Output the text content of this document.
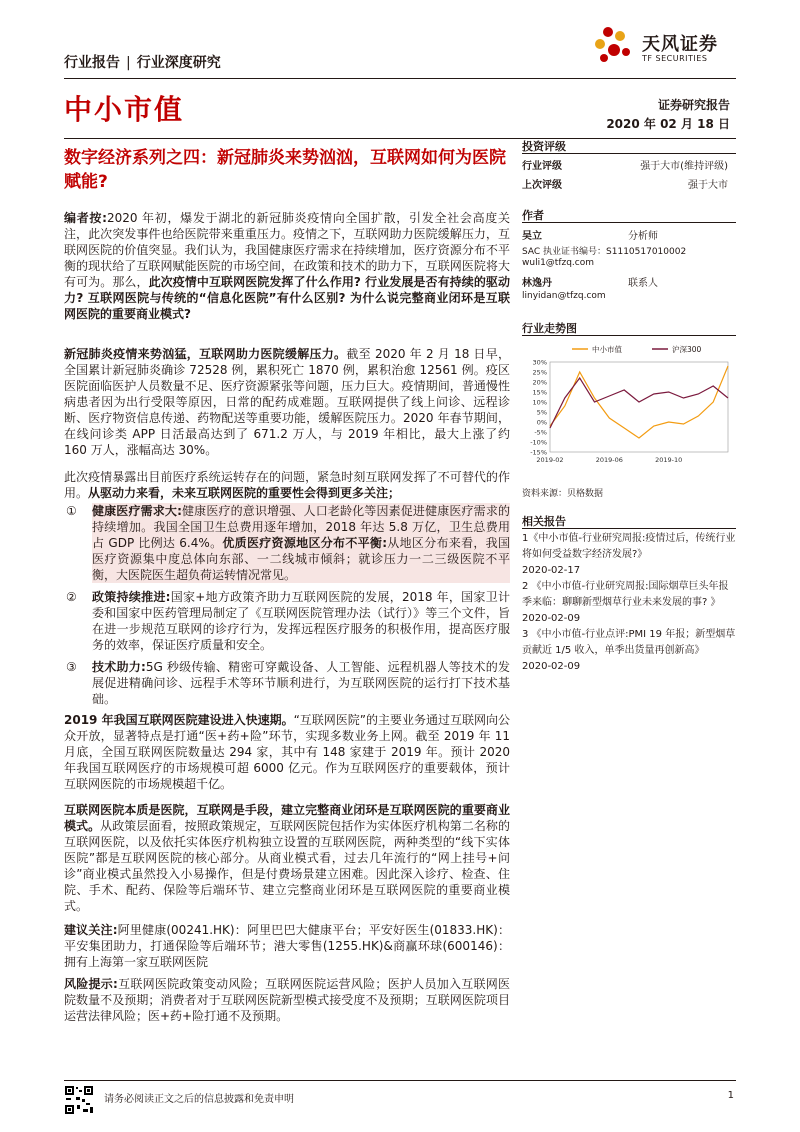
行业报告 | 行业深度研究
天风证券
TF SECURITIES
中小市值	证券研究报告
2020 年 02 月 18 日
数字经济系列之四：新冠肺炎来势汹汹，互联网如何为医院赋能?
编者按:2020 年初，爆发于湖北的新冠肺炎疫情向全国扩散，引发全社会高度关注，此次突发事件也给医院带来重重压力。疫情之下，互联网助力医院缓解压力，互联网医院的价值突显。我们认为，我国健康医疗需求在持续增加，医疗资源分布不平衡的现状给了互联网赋能医院的市场空间，在政策和技术的助力下，互联网医院将大有可为。那么，此次疫情中互联网医院发挥了什么作用? 行业发展是否有持续的驱动力? 互联网医院与传统的“信息化医院”有什么区别? 为什么说完整商业闭环是互联网医院的重要商业模式?
新冠肺炎疫情来势汹猛，互联网助力医院缓解压力。截至 2020 年 2 月 18 日早，全国累计新冠肺炎确诊 72528 例，累积死亡 1870 例，累积治愈 12561 例。疫区医院面临医护人员数量不足、医疗资源紧张等问题，压力巨大。疫情期间，普通慢性病患者因为出行受限等原因，日常的配药成难题。互联网提供了线上问诊、远程诊断、医疗物资信息传递、药物配送等重要功能，缓解医院压力。2020 年春节期间，在线问诊类 APP 日活最高达到了 671.2 万人，与 2019 年相比，最大上涨了约 160 万人，涨幅高达 30%。
此次疫情暴露出目前医疗系统运转存在的问题，紧急时刻互联网发挥了不可替代的作用。从驱动力来看，未来互联网医院的重要性会得到更多关注；
① 健康医疗需求大:健康医疗的意识增强、人口老龄化等因素促进健康医疗需求的持续增加。我国全国卫生总费用逐年增加，2018 年达 5.8 万亿，卫生总费用占 GDP 比例达 6.4%。优质医疗资源地区分布不平衡:从地区分布来看，我国医疗资源集中度总体向东部、一二线城市倾斜；就诊压力一二三级医院不平衡，大医院医生超负荷运转情况常见。
② 政策持续推进:国家+地方政策齐助力互联网医院的发展，2018 年，国家卫计委和国家中医药管理局制定了《互联网医院管理办法（试行）》等三个文件，旨在进一步规范互联网的诊疗行为，发挥远程医疗服务的积极作用，提高医疗服务的效率，保证医疗质量和安全。
③ 技术助力:5G 秒级传输、精密可穿戴设备、人工智能、远程机器人等技术的发展促进精确问诊、远程手术等环节顺利进行，为互联网医院的运行打下技术基础。
2019 年我国互联网医院建设进入快速期。“互联网医院”的主要业务通过互联网向公众开放，显著特点是打通“医+药+险”环节，实现多数业务上网。截至 2019 年 11 月底，全国互联网医院数量达 294 家，其中有 148 家建于 2019 年。预计 2020 年我国互联网医疗的市场规模可超 6000 亿元。作为互联网医疗的重要载体，预计互联网医院的市场规模超千亿。
互联网医院本质是医院，互联网是手段，建立完整商业闭环是互联网医院的重要商业模式。从政策层面看，按照政策规定，互联网医院包括作为实体医疗机构第二名称的互联网医院，以及依托实体医疗机构独立设置的互联网医院，两种类型的“线下实体医院”都是互联网医院的核心部分。从商业模式看，过去几年流行的“网上挂号+问诊”商业模式虽然投入小易操作，但是付费场景建立困难。因此深入诊疗、检查、住院、手术、配药、保险等后端环节、建立完整商业闭环是互联网医院的重要商业模式。
建议关注:阿里健康(00241.HK)：阿里巴巴大健康平台；平安好医生(01833.HK)：平安集团助力，打通保险等后端环节；港大零售(1255.HK)&商赢环球(600146)：拥有上海第一家互联网医院
风险提示:互联网医院政策变动风险；互联网医院运营风险；医护人员加入互联网医院数量不及预期；消费者对于互联网医院新型模式接受度不及预期；互联网医院项目运营法律风险；医+药+险打通不及预期。
投资评级
行业评级	强于大市(维持评级)
上次评级	强于大市
作者
吴立	分析师
SAC 执业证书编号：S1110517010002
wuli1@tfzq.com
林逸丹	联系人
linyidan@tfzq.com
行业走势图
30%
25%
20%
15%
10%
5%
0%
-5%
-10%
-15%
2019-02	2019-06	2019-10
中小市值	沪深300
资料来源：贝格数据
相关报告
1《中小市值-行业研究周报:疫情过后，传统行业将如何受益数字经济发展?》
2020-02-17
2 《中小市值-行业研究周报:国际烟草巨头年报季来临：聊聊新型烟草行业未来发展的事? 》
2020-02-09
3 《中小市值-行业点评:PMI 19 年报；新型烟草贡献近 1/5 收入，单季出货量再创新高》
2020-02-09
请务必阅读正文之后的信息披露和免责申明	1
